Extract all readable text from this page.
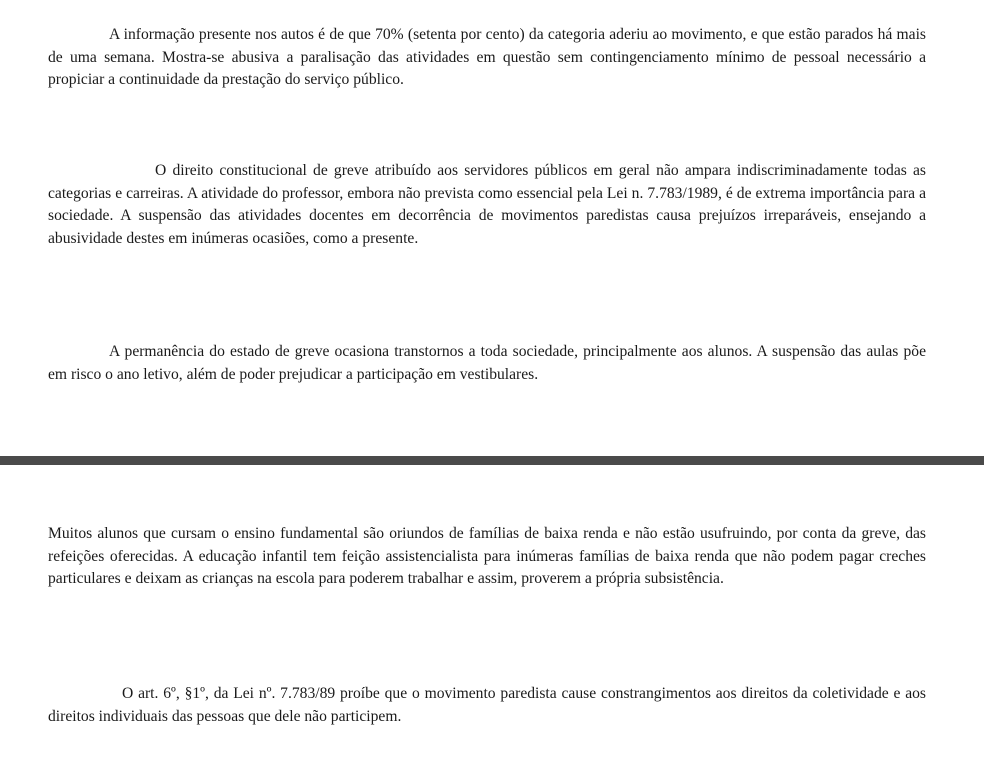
A informação presente nos autos é de que 70% (setenta por cento) da categoria aderiu ao movimento, e que estão parados há mais de uma semana. Mostra-se abusiva a paralisação das atividades em questão sem contingenciamento mínimo de pessoal necessário a propiciar a continuidade da prestação do serviço público.

O direito constitucional de greve atribuído aos servidores públicos em geral não ampara indiscriminadamente todas as categorias e carreiras. A atividade do professor, embora não prevista como essencial pela Lei n. 7.783/1989, é de extrema importância para a sociedade. A suspensão das atividades docentes em decorrência de movimentos paredistas causa prejuízos irreparáveis, ensejando a abusividade destes em inúmeras ocasiões, como a presente.

A permanência do estado de greve ocasiona transtornos a toda sociedade, principalmente aos alunos. A suspensão das aulas põe em risco o ano letivo, além de poder prejudicar a participação em vestibulares.

Muitos alunos que cursam o ensino fundamental são oriundos de famílias de baixa renda e não estão usufruindo, por conta da greve, das refeições oferecidas. A educação infantil tem feição assistencialista para inúmeras famílias de baixa renda que não podem pagar creches particulares e deixam as crianças na escola para poderem trabalhar e assim, proverem a própria subsistência.

O art. 6º, §1º, da Lei nº. 7.783/89 proíbe que o movimento paredista cause constrangimentos aos direitos da coletividade e aos direitos individuais das pessoas que dele não participem.
